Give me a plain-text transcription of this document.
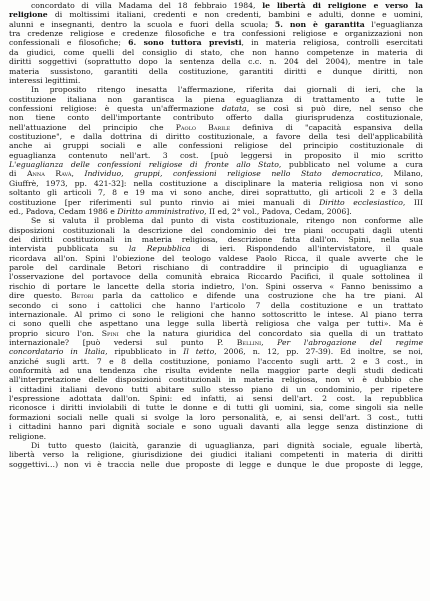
concordato di villa Madama del 18 febbraio 1984, le libertà di religione e verso la
religione di moltissimi italiani, credenti e non credenti, bambini e adulti, donne e uomini,
alunni e insegnanti, dentro la scuola e fuori della scuola; 5. non è garantita l'eguaglianza
tra credenze religiose e credenze filosofiche e tra confessioni religiose e organizzazioni non
confessionali e filosofiche; 6. sono tuttora previsti, in materia religiosa, controlli esercitati
da giudici, come quelli del consiglio di stato, che non hanno competenze in materia di
diritti soggettivi (soprattutto dopo la sentenza della c.c. n. 204 del 2004), mentre in tale
materia sussistono, garantiti della costituzione, garantiti diritti e dunque diritti, non
interessi legittimi.
In proposito ritengo inesatta l'affermazione, riferita dai giornali di ieri, che la
costituzione italiana non garantisca la piena eguaglianza di trattamento a tutte le
confessioni religiose: è questa un'affermazione datata, se così si può dire, nel senso che
non tiene conto dell'importante contributo offerto dalla giurisprudenza costituzionale,
nell'attuazione del principio che Paolo Barile definiva di "capacità espansiva della
costituzione", e dalla dottrina di diritto costituzionale, a favore della tesi dell'applicabilità
anche ai gruppi sociali e alle confessioni religiose del principio costituzionale di
eguaglianza contenuto nell'art. 3 cost. [può leggersi in proposito il mio scritto
L'eguaglianza delle confessioni religiose di fronte allo Stato, pubblicato nel volume a cura
di Anna Ravà, Individuo, gruppi, confessioni religiose nello Stato democratico, Milano,
Giuffrè, 1973, pp. 421-32]: nella costituzione a disciplinare la materia religiosa non vi sono
soltanto gli articoli 7, 8 e 19 ma vi sono anche, direi soprattutto, gli articoli 2 e 3 della
costituzione [per riferimenti sul punto rinvio ai miei manuali di Diritto ecclesiastico, III
ed., Padova, Cedam 1986 e Diritto amministrativo, II ed, 2° vol., Padova, Cedam, 2006].
Se si valuta il problema dal punto di vista costituzionale, ritengo non conforme alle
disposizioni costituzionali la descrizione del condominio dei tre piani occupati dagli utenti
dei diritti costituzionali in materia religiosa, descrizione fatta dall'on. Spini, nella sua
intervista pubblicata su la Repubblica di ieri. Rispondendo all'intervistatore, il quale
ricordava all'on. Spini l'obiezione del teologo valdese Paolo Ricca, il quale avverte che le
parole del cardinale Betori rischiano di contraddire il principio di uguaglianza e
l'osservazione del portavoce della comunità ebraica Riccardo Pacifici, il quale sottolinea il
rischio di portare le lancette della storia indietro, l'on. Spini osserva « Fanno benissimo a
dire questo. Betori parla da cattolico e difende una costruzione che ha tre piani. Al
secondo ci sono i cattolici che hanno l'articolo 7 della costituzione e un trattato
internazionale. Al primo ci sono le religioni che hanno sottoscritto le intese. Al piano terra
ci sono quelli che aspettano una legge sulla libertà religiosa che valga per tutti». Ma è
proprio sicuro l'on. Spini che la natura giuridica del concordato sia quella di un trattato
internazionale? [può vedersi sul punto P. Bellini, Per l'abrogazione del regime
concordatario in Italia, ripubblicato in Il tetto, 2006, n. 12, pp. 27-39). Ed inoltre, se noi,
anziché sugli artt. 7 e 8 della costituzione, poniamo l'accento sugli artt. 2 e 3 cost., in
conformità ad una tendenza che risulta evidente nella maggior parte degli studi dedicati
all'interpretazione delle disposizioni costituzionali in materia religiosa, non vi è dubbio che
i cittadini italiani devono tutti abitare sullo stesso piano di un condominio, per ripetere
l'espressione adottata dall'on. Spini: ed infatti, ai sensi dell'art. 2 cost. la repubblica
riconosce i diritti inviolabili di tutte le donne e di tutti gli uomini, sia, come singoli sia nelle
formazioni sociali nelle quali si svolge la loro personalità, e, ai sensi dell'art. 3 cost., tutti
i cittadini hanno pari dignità sociale e sono uguali davanti alla legge senza distinzione di
religione.
Di tutto questo (laicità, garanzie di uguaglianza, pari dignità sociale, eguale libertà,
libertà verso la religione, giurisdizione dei giudici italiani competenti in materia di diritti
soggettivi…) non vi è traccia nelle due proposte di legge e dunque le due proposte di legge,
